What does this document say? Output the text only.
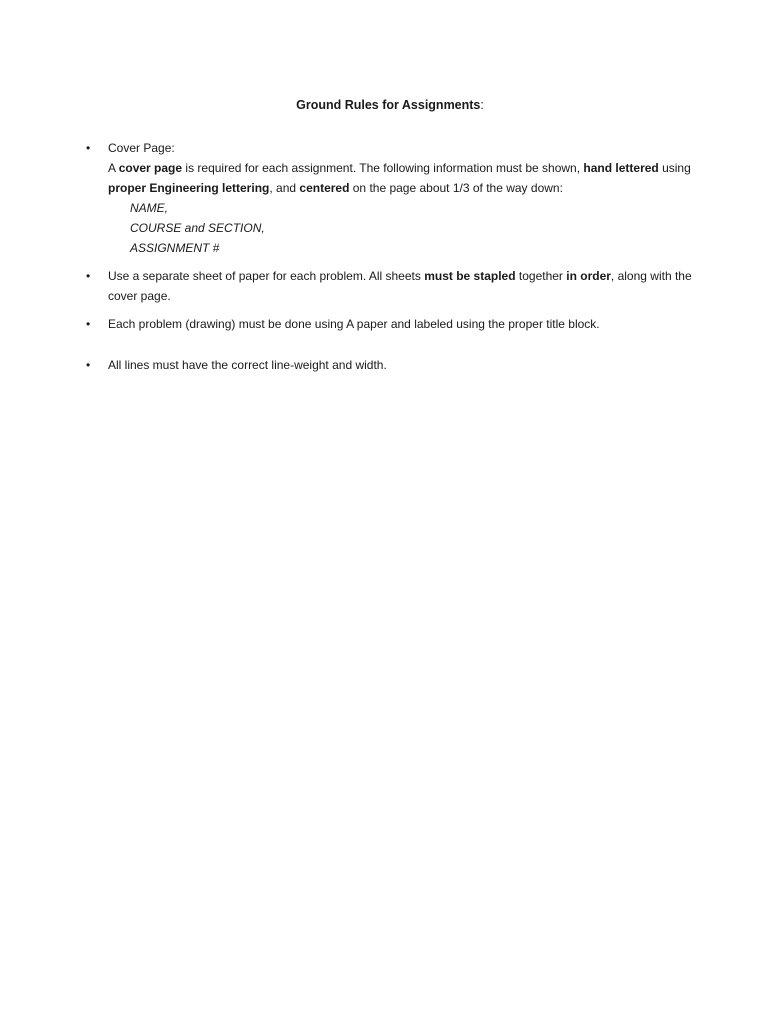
Ground Rules for Assignments:
• Cover Page:
A cover page is required for each assignment. The following information must be shown, hand lettered using proper Engineering lettering, and centered on the page about 1/3 of the way down:
NAME,
COURSE and SECTION,
ASSIGNMENT #
• Use a separate sheet of paper for each problem. All sheets must be stapled together in order, along with the cover page.
• Each problem (drawing) must be done using A paper and labeled using the proper title block.
• All lines must have the correct line-weight and width.
